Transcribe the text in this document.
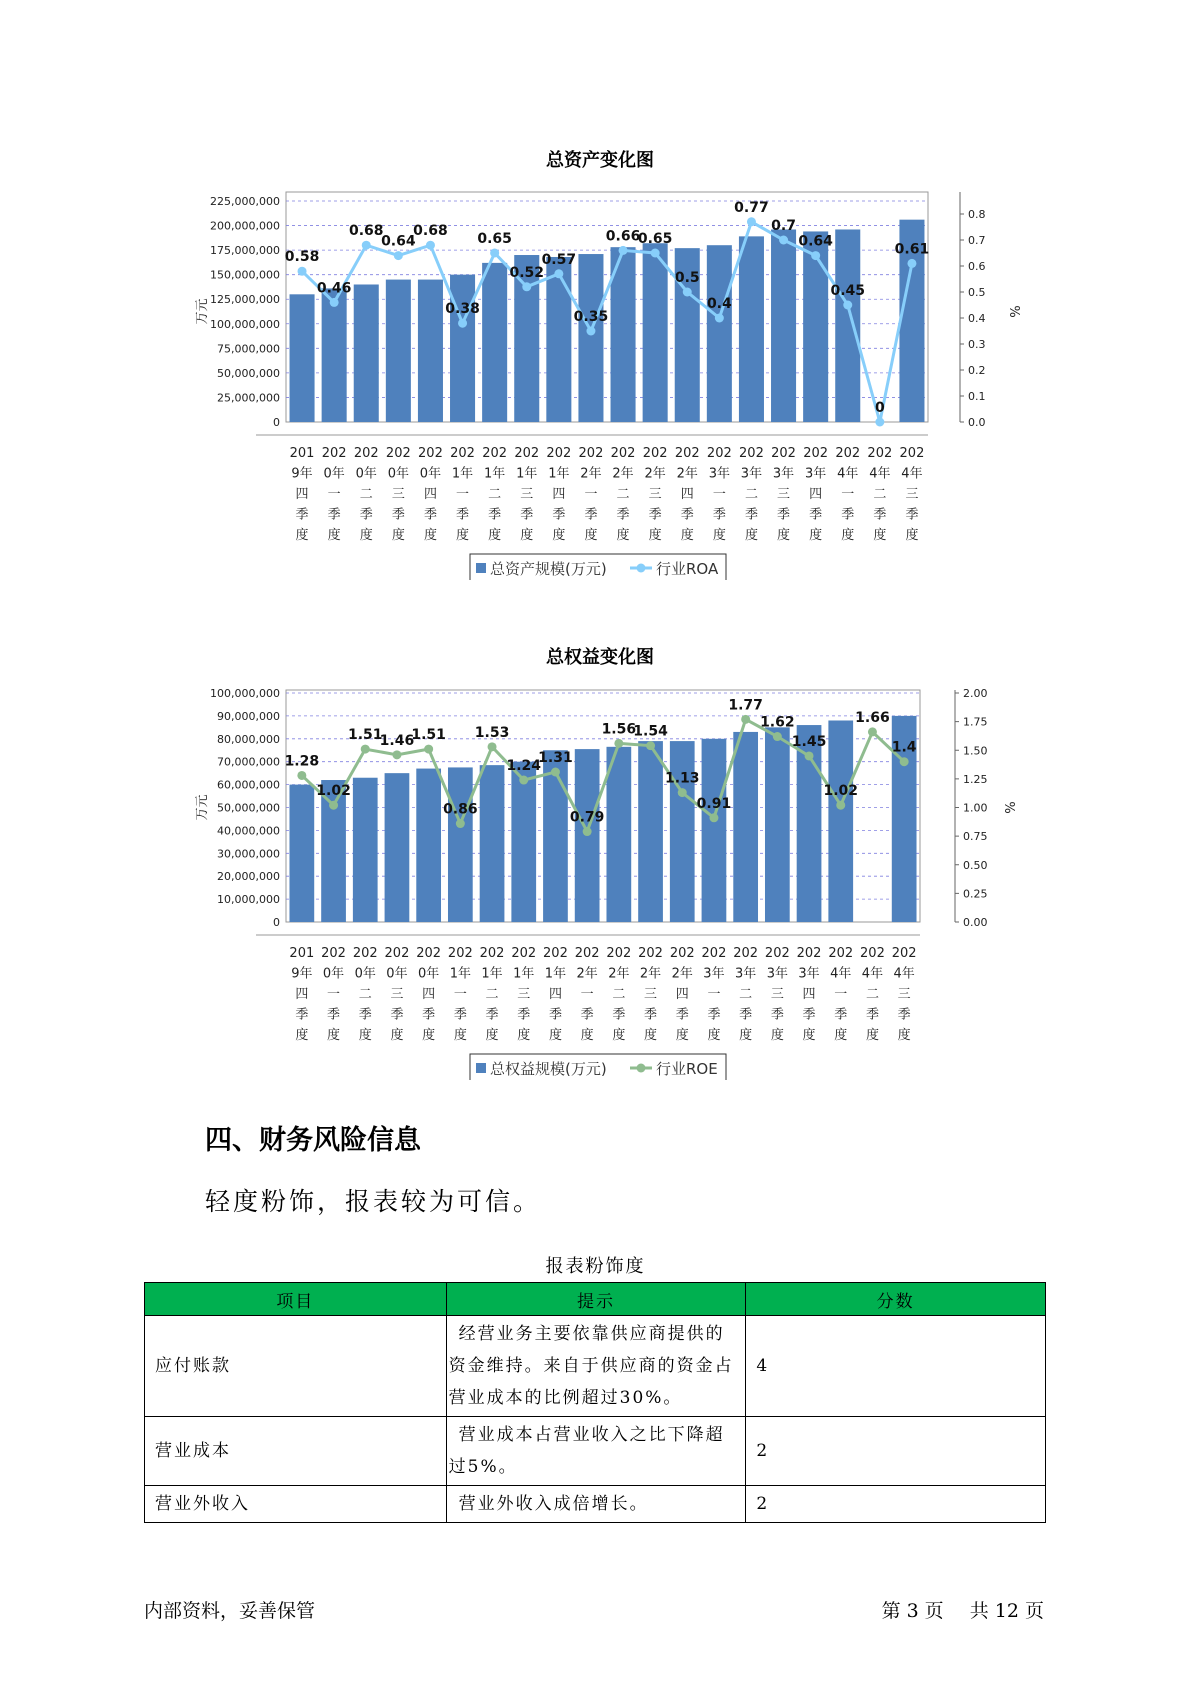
总资产变化图
0
25,000,000
50,000,000
75,000,000
100,000,000
125,000,000
150,000,000
175,000,000
200,000,000
225,000,000
0.0
0.1
0.2
0.3
0.4
0.5
0.6
0.7
0.8
万元	%
0.58
0.46
0.68
0.64
0.68
0.38
0.65
0.52
0.57
0.35
0.66
0.65
0.5
0.4
0.77
0.7
0.64
0.45
0
0.61
201
9年
四
季
度
202
0年
一
季
度
202
0年
二
季
度
202
0年
三
季
度
202
0年
四
季
度
202
1年
一
季
度
202
1年
二
季
度
202
1年
三
季
度
202
1年
四
季
度
202
2年
一
季
度
202
2年
二
季
度
202
2年
三
季
度
202
2年
四
季
度
202
3年
一
季
度
202
3年
二
季
度
202
3年
三
季
度
202
3年
四
季
度
202
4年
一
季
度
202
4年
二
季
度
202
4年
三
季
度
总资产规模(万元)	行业ROA
总权益变化图
0
10,000,000
20,000,000
30,000,000
40,000,000
50,000,000
60,000,000
70,000,000
80,000,000
90,000,000
100,000,000
0.00
0.25
0.50
0.75
1.00
1.25
1.50
1.75
2.00
万元	%
1.28
1.02
1.51
1.46
1.51
0.86
1.53
1.24
1.31
0.79
1.56
1.54
1.13
0.91
1.77
1.62
1.45
1.02
1.66
1.4
201
9年
四
季
度
202
0年
一
季
度
202
0年
二
季
度
202
0年
三
季
度
202
0年
四
季
度
202
1年
一
季
度
202
1年
二
季
度
202
1年
三
季
度
202
1年
四
季
度
202
2年
一
季
度
202
2年
二
季
度
202
2年
三
季
度
202
2年
四
季
度
202
3年
一
季
度
202
3年
二
季
度
202
3年
三
季
度
202
3年
四
季
度
202
4年
一
季
度
202
4年
二
季
度
202
4年
三
季
度
总权益规模(万元)	行业ROE
四、财务风险信息
轻度粉饰，报表较为可信。
报表粉饰度
项目	提示	分数
应付账款	经营业务主要依靠供应商提供的资金维持。来自于供应商的资金占营业成本的比例超过30%。	4
营业成本	营业成本占营业收入之比下降超过5%。	2
营业外收入	营业外收入成倍增长。	2
内部资料，妥善保管	第 3 页 共 12 页
